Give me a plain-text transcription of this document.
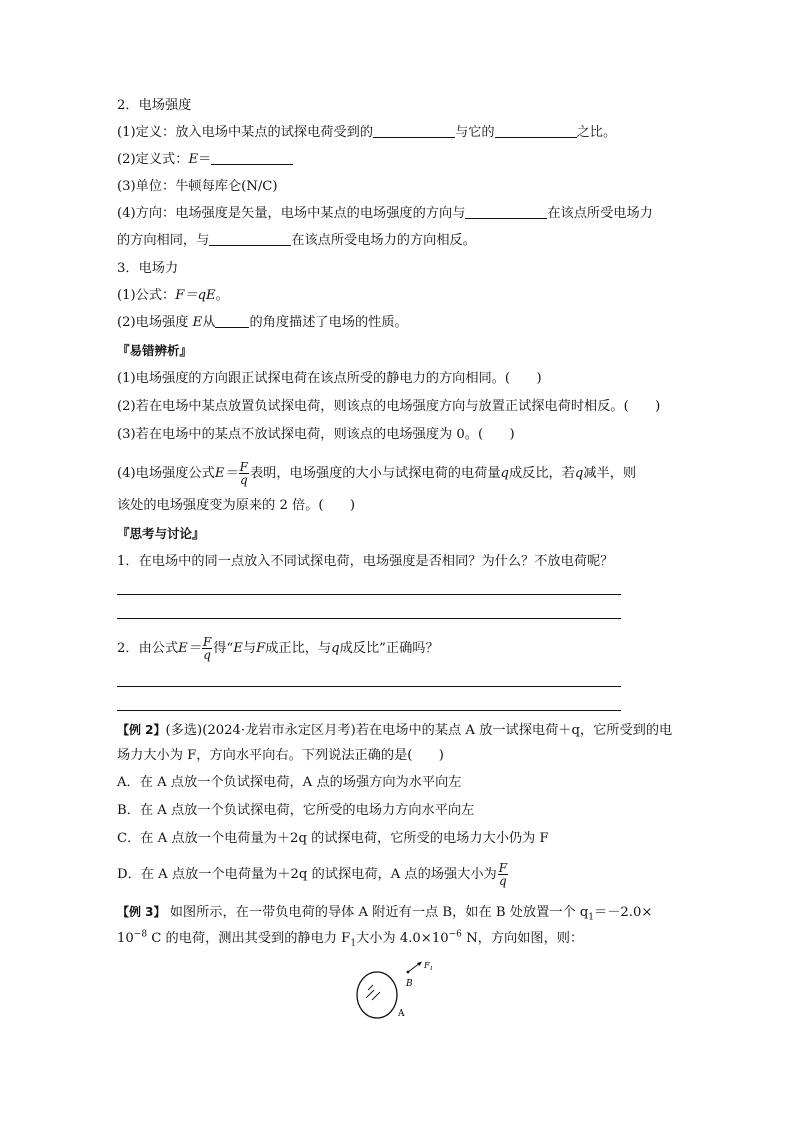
2．电场强度
(1)定义：放入电场中某点的试探电荷受到的	与它的	之比。
(2)定义式：E＝
(3)单位：牛顿每库仑(N/C)
(4)方向：电场强度是矢量，电场中某点的电场强度的方向与	在该点所受电场力
的方向相同，与	在该点所受电场力的方向相反。
3．电场力
(1)公式：F＝qE。
(2)电场强度 E从	的角度描述了电场的性质。
『易错辨析』
(1)电场强度的方向跟正试探电荷在该点所受的静电力的方向相同。(　　)
(2)若在电场中某点放置负试探电荷，则该点的电场强度方向与放置正试探电荷时相反。(　　)
(3)若在电场中的某点不放试探电荷，则该点的电场强度为 0。(　　)
(4)电场强度公式$E= \frac{F}{q}$ 表明，电场强度的大小与试探电荷的电荷量q成反比，若q减半，则
该处的电场强度变为原来的 2 倍。(　　)
『思考与讨论』
1．在电场中的同一点放入不同试探电荷，电场强度是否相同？为什么？不放电荷呢？
2．由公式$E= \frac{F}{q}$ 得“E与F成正比，与q成反比”正确吗？
【例 2】(多选)(2024·龙岩市永定区月考)若在电场中的某点 A 放一试探电荷＋q，它所受到的电
场力大小为 F，方向水平向右。下列说法正确的是(　　)
A．在 A 点放一个负试探电荷，A 点的场强方向为水平向左
B．在 A 点放一个负试探电荷，它所受的电场力方向水平向左
C．在 A 点放一个电荷量为＋2q 的试探电荷，它所受的电场力大小仍为 F
D．在 A 点放一个电荷量为＋2q 的试探电荷，A 点的场强大小为 $\frac{F}{q}$
【例 3】 如图所示，在一带负电荷的导体 A 附近有一点 B，如在 B 处放置一个 $q_1=-2.0\times$
$10^{-8}$ C 的电荷，测出其受到的静电力 $F_1$大小为 $4.0\times 10^{-6}$ N，方向如图，则：
B
$F_1$
A
